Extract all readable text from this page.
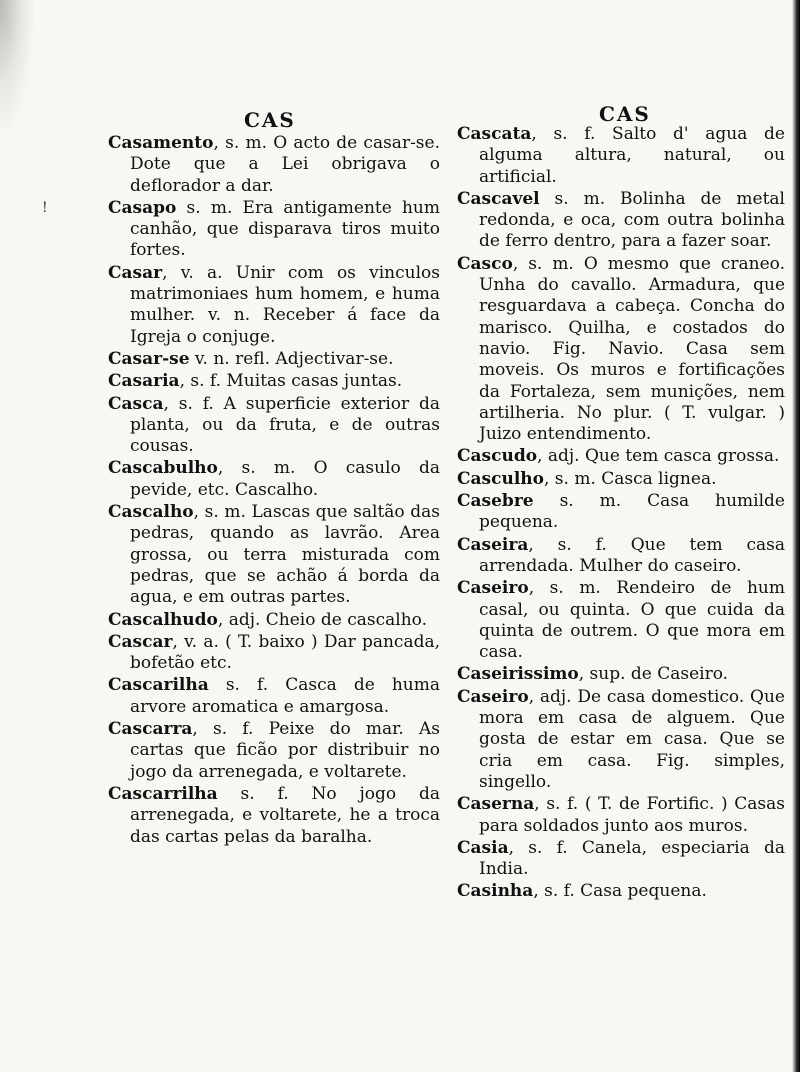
!
CAS

Casamento, s. m. O acto de casar-se. Dote que a Lei obrigava o deflorador a dar.

Casapo s. m. Era antigamente hum canhão, que disparava tiros muito fortes.

Casar, v. a. Unir com os vinculos matrimoniaes hum homem, e huma mulher. v. n. Receber á face da Igreja o conjuge.

Casar-se v. n. refl. Adjectivar-se.

Casaria, s. f. Muitas casas juntas.

Casca, s. f. A superficie exterior da planta, ou da fruta, e de outras cousas.

Cascabulho, s. m. O casulo da pevide, etc. Cascalho.

Cascalho, s. m. Lascas que saltão das pedras, quando as lavrão. Area grossa, ou terra misturada com pedras, que se achão á borda da agua, e em outras partes.

Cascalhudo, adj. Cheio de cascalho.

Cascar, v. a. ( T. baixo ) Dar pancada, bofetão etc.

Cascarilha s. f. Casca de huma arvore aromatica e amargosa.

Cascarra, s. f. Peixe do mar. As cartas que ficão por distribuir no jogo da arrenegada, e voltarete.

Cascarrilha s. f. No jogo da arrenegada, e voltarete, he a troca das cartas pelas da baralha.

CAS

Cascata, s. f. Salto d' agua de alguma altura, natural, ou artificial.

Cascavel s. m. Bolinha de metal redonda, e oca, com outra bolinha de ferro dentro, para a fazer soar.

Casco, s. m. O mesmo que craneo. Unha do cavallo. Armadura, que resguardava a cabeça. Concha do marisco. Quilha, e costados do navio. Fig. Navio. Casa sem moveis. Os muros e fortificações da Fortaleza, sem munições, nem artilheria. No plur. ( T. vulgar. ) Juizo entendimento.

Cascudo, adj. Que tem casca grossa.

Casculho, s. m. Casca lignea.

Casebre s. m. Casa humilde pequena.

Caseira, s. f. Que tem casa arrendada. Mulher do caseiro.

Caseiro, s. m. Rendeiro de hum casal, ou quinta. O que cuida da quinta de outrem. O que mora em casa.

Caseirissimo, sup. de Caseiro.

Caseiro, adj. De casa domestico. Que mora em casa de alguem. Que gosta de estar em casa. Que se cria em casa. Fig. simples, singello.

Caserna, s. f. ( T. de Fortific. ) Casas para soldados junto aos muros.

Casia, s. f. Canela, especiaria da India.

Casinha, s. f. Casa pequena.
